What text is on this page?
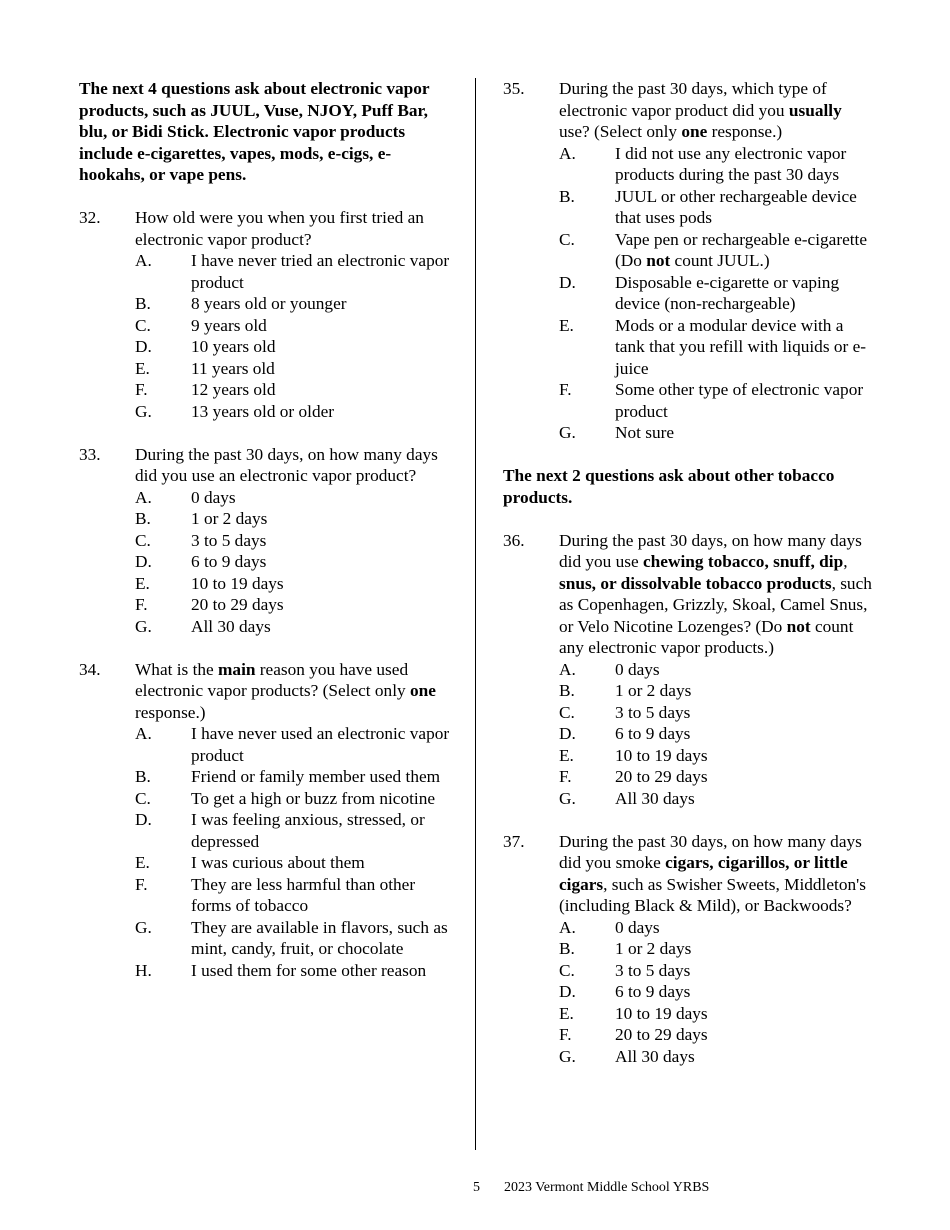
The next 4 questions ask about electronic vapor products, such as JUUL, Vuse, NJOY, Puff Bar, blu, or Bidi Stick. Electronic vapor products include e-cigarettes, vapes, mods, e-cigs, e-hookahs, or vape pens.

32.	How old were you when you first tried an electronic vapor product?
A.	I have never tried an electronic vapor product
B.	8 years old or younger
C.	9 years old
D.	10 years old
E.	11 years old
F.	12 years old
G.	13 years old or older
33.	During the past 30 days, on how many days did you use an electronic vapor product?
A.	0 days
B.	1 or 2 days
C.	3 to 5 days
D.	6 to 9 days
E.	10 to 19 days
F.	20 to 29 days
G.	All 30 days
34.	What is the main reason you have used electronic vapor products? (Select only one response.)
A.	I have never used an electronic vapor product
B.	Friend or family member used them
C.	To get a high or buzz from nicotine
D.	I was feeling anxious, stressed, or depressed
E.	I was curious about them
F.	They are less harmful than other forms of tobacco
G.	They are available in flavors, such as mint, candy, fruit, or chocolate
H.	I used them for some other reason
35.	During the past 30 days, which type of electronic vapor product did you usually use? (Select only one response.)
A.	I did not use any electronic vapor products during the past 30 days
B.	JUUL or other rechargeable device that uses pods
C.	Vape pen or rechargeable e-cigarette (Do not count JUUL.)
D.	Disposable e-cigarette or vaping device (non-rechargeable)
E.	Mods or a modular device with a tank that you refill with liquids or e-juice
F.	Some other type of electronic vapor product
G.	Not sure

The next 2 questions ask about other tobacco products.

36.	During the past 30 days, on how many days did you use chewing tobacco, snuff, dip, snus, or dissolvable tobacco products, such as Copenhagen, Grizzly, Skoal, Camel Snus, or Velo Nicotine Lozenges? (Do not count any electronic vapor products.)
A.	0 days
B.	1 or 2 days
C.	3 to 5 days
D.	6 to 9 days
E.	10 to 19 days
F.	20 to 29 days
G.	All 30 days
37.	During the past 30 days, on how many days did you smoke cigars, cigarillos, or little cigars, such as Swisher Sweets, Middleton's (including Black & Mild), or Backwoods?
A.	0 days
B.	1 or 2 days
C.	3 to 5 days
D.	6 to 9 days
E.	10 to 19 days
F.	20 to 29 days
G.	All 30 days
5 2023 Vermont Middle School YRBS
